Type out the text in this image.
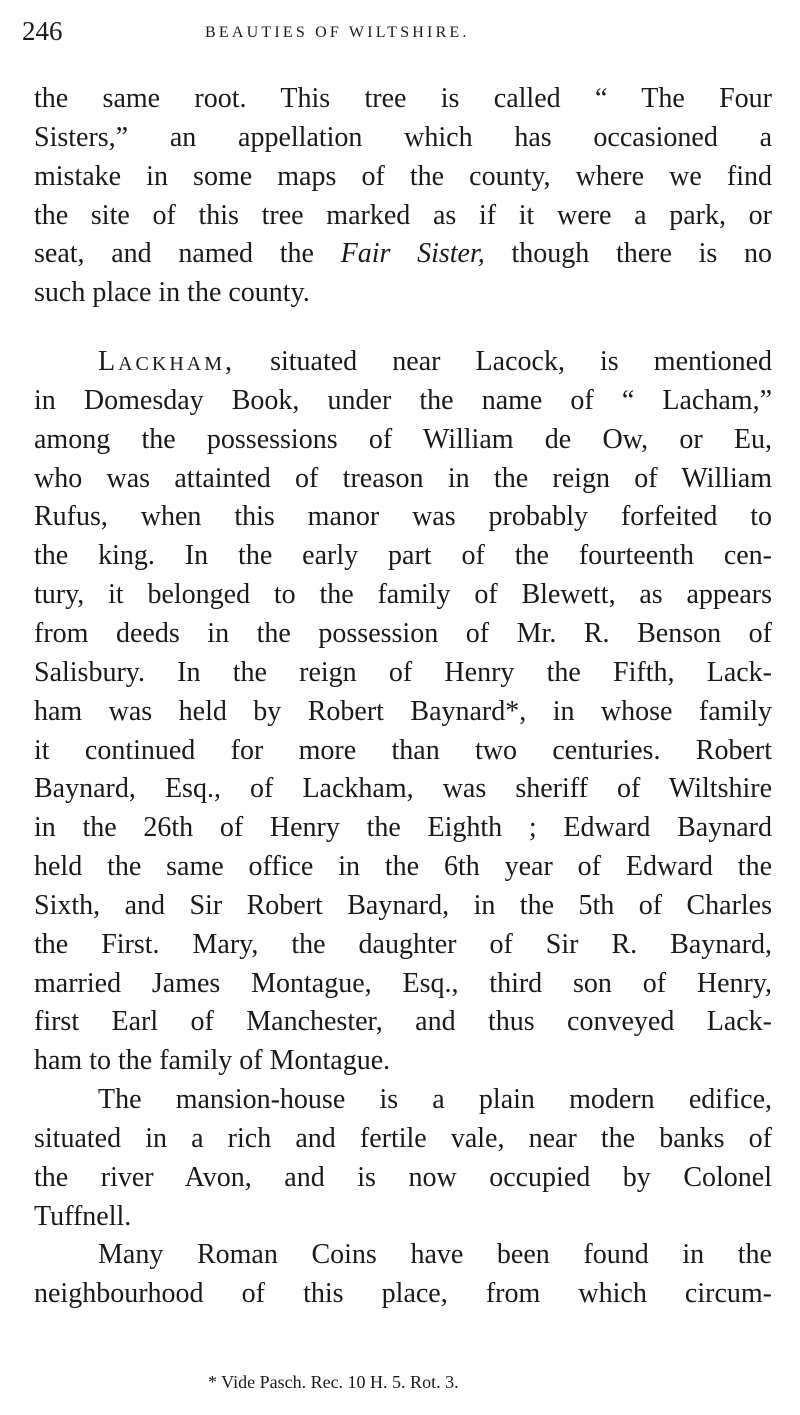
246	BEAUTIES OF WILTSHIRE.
the same root. This tree is called “ The Four
Sisters,” an appellation which has occasioned a
mistake in some maps of the county, where we find
the site of this tree marked as if it were a park, or
seat, and named the Fair Sister, though there is no
such place in the county.
Lackham, situated near Lacock, is mentioned
in Domesday Book, under the name of “ Lacham,”
among the possessions of William de Ow, or Eu,
who was attainted of treason in the reign of William
Rufus, when this manor was probably forfeited to
the king. In the early part of the fourteenth cen-
tury, it belonged to the family of Blewett, as appears
from deeds in the possession of Mr. R. Benson of
Salisbury. In the reign of Henry the Fifth, Lack-
ham was held by Robert Baynard*, in whose family
it continued for more than two centuries. Robert
Baynard, Esq., of Lackham, was sheriff of Wiltshire
in the 26th of Henry the Eighth ; Edward Baynard
held the same office in the 6th year of Edward the
Sixth, and Sir Robert Baynard, in the 5th of Charles
the First. Mary, the daughter of Sir R. Baynard,
married James Montague, Esq., third son of Henry,
first Earl of Manchester, and thus conveyed Lack-
ham to the family of Montague.
The mansion-house is a plain modern edifice,
situated in a rich and fertile vale, near the banks of
the river Avon, and is now occupied by Colonel
Tuffnell.
Many Roman Coins have been found in the
neighbourhood of this place, from which circum-
* Vide Pasch. Rec. 10 H. 5. Rot. 3.
